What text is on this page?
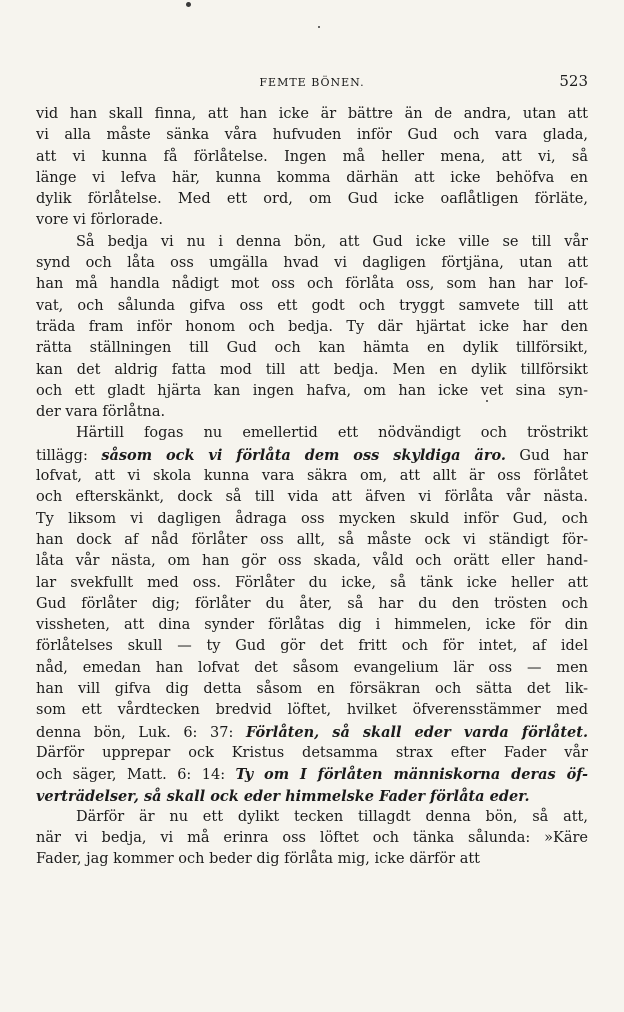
FEMTE BÖNEN.	523
vid han skall finna, att han icke är bättre än de andra, utan att
vi alla måste sänka våra hufvuden inför Gud och vara glada,
att vi kunna få förlåtelse. Ingen må heller mena, att vi, så
länge vi lefva här, kunna komma därhän att icke behöfva en
dylik förlåtelse. Med ett ord, om Gud icke oaflåtligen förläte,
vore vi förlorade.
Så bedja vi nu i denna bön, att Gud icke ville se till vår
synd och låta oss umgälla hvad vi dagligen förtjäna, utan att
han må handla nådigt mot oss och förlåta oss, som han har lof-
vat, och sålunda gifva oss ett godt och tryggt samvete till att
träda fram inför honom och bedja. Ty där hjärtat icke har den
rätta ställningen till Gud och kan hämta en dylik tillförsikt,
kan det aldrig fatta mod till att bedja. Men en dylik tillförsikt
och ett gladt hjärta kan ingen hafva, om han icke vet sina syn-
der vara förlåtna.
Härtill fogas nu emellertid ett nödvändigt och tröstrikt
tillägg: såsom ock vi förlåta dem oss skyldiga äro. Gud har
lofvat, att vi skola kunna vara säkra om, att allt är oss förlåtet
och efterskänkt, dock så till vida att äfven vi förlåta vår nästa.
Ty liksom vi dagligen ådraga oss mycken skuld inför Gud, och
han dock af nåd förlåter oss allt, så måste ock vi ständigt för-
låta vår nästa, om han gör oss skada, våld och orätt eller hand-
lar svekfullt med oss. Förlåter du icke, så tänk icke heller att
Gud förlåter dig; förlåter du åter, så har du den trösten och
vissheten, att dina synder förlåtas dig i himmelen, icke för din
förlåtelses skull — ty Gud gör det fritt och för intet, af idel
nåd, emedan han lofvat det såsom evangelium lär oss — men
han vill gifva dig detta såsom en försäkran och sätta det lik-
som ett vårdtecken bredvid löftet, hvilket öfverensstämmer med
denna bön, Luk. 6: 37: Förlåten, så skall eder varda förlåtet.
Därför upprepar ock Kristus detsamma strax efter Fader vår
och säger, Matt. 6: 14: Ty om I förlåten människorna deras öf-
verträdelser, så skall ock eder himmelske Fader förlåta eder.
Därför är nu ett dylikt tecken tillagdt denna bön, så att,
när vi bedja, vi må erinra oss löftet och tänka sålunda: »Käre
Fader, jag kommer och beder dig förlåta mig, icke därför att
